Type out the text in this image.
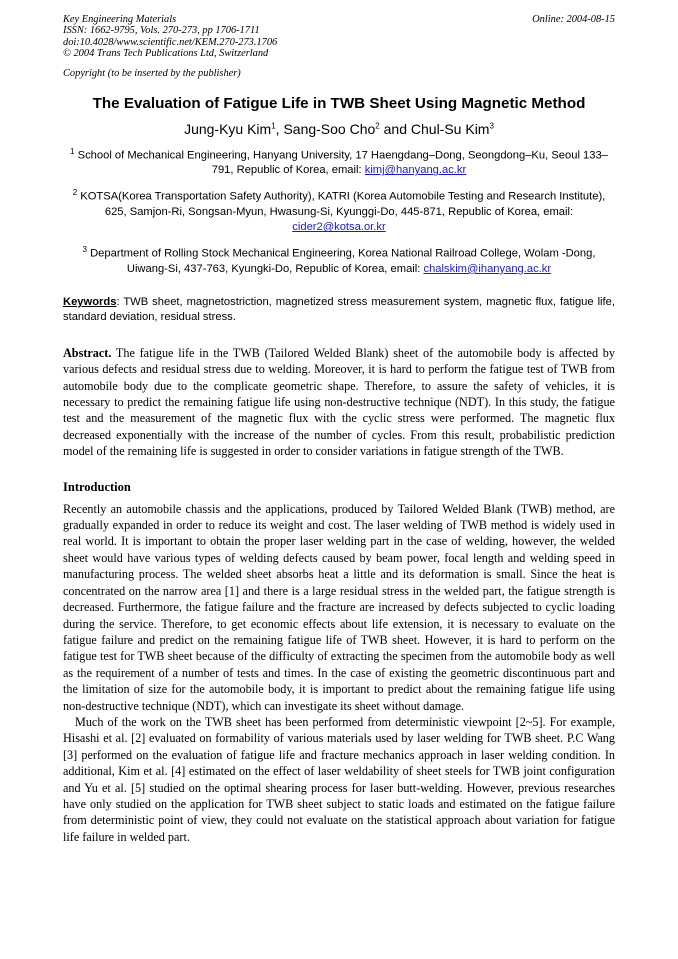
Key Engineering Materials	Online: 2004-08-15
ISSN: 1662-9795, Vols. 270-273, pp 1706-1711
doi:10.4028/www.scientific.net/KEM.270-273.1706
© 2004 Trans Tech Publications Ltd, Switzerland
Copyright (to be inserted by the publisher)
The Evaluation of Fatigue Life in TWB Sheet Using Magnetic Method
Jung-Kyu Kim$^1$, Sang-Soo Cho$^2$ and Chul-Su Kim$^3$
$^1$ School of Mechanical Engineering, Hanyang University, 17 Haengdang–Dong, Seongdong–Ku, Seoul 133–791, Republic of Korea, email: kimj@hanyang.ac.kr
$^2$ KOTSA(Korea Transportation Safety Authority), KATRI (Korea Automobile Testing and Research Institute), 625, Samjon-Ri, Songsan-Myun, Hwasung-Si, Kyunggi-Do, 445-871, Republic of Korea, email: cider2@kotsa.or.kr
$^3$ Department of Rolling Stock Mechanical Engineering, Korea National Railroad College, Wolam -Dong, Uiwang-Si, 437-763, Kyungki-Do, Republic of Korea, email: chalskim@ihanyang.ac.kr
Keywords: TWB sheet, magnetostriction, magnetized stress measurement system, magnetic flux, fatigue life, standard deviation, residual stress.
Abstract. The fatigue life in the TWB (Tailored Welded Blank) sheet of the automobile body is affected by various defects and residual stress due to welding. Moreover, it is hard to perform the fatigue test of TWB from automobile body due to the complicate geometric shape. Therefore, to assure the safety of vehicles, it is necessary to predict the remaining fatigue life using non-destructive technique (NDT). In this study, the fatigue test and the measurement of the magnetic flux with the cyclic stress were performed. The magnetic flux decreased exponentially with the increase of the number of cycles. From this result, probabilistic prediction model of the remaining life is suggested in order to consider variations in fatigue strength of the TWB.
Introduction
Recently an automobile chassis and the applications, produced by Tailored Welded Blank (TWB) method, are gradually expanded in order to reduce its weight and cost. The laser welding of TWB method is widely used in real world. It is important to obtain the proper laser welding part in the case of welding, however, the welded sheet would have various types of welding defects caused by beam power, focal length and welding speed in manufacturing process. The welded sheet absorbs heat a little and its deformation is small. Since the heat is concentrated on the narrow area [1] and there is a large residual stress in the welded part, the fatigue strength is decreased. Furthermore, the fatigue failure and the fracture are increased by defects subjected to cyclic loading during the service. Therefore, to get economic effects about life extension, it is necessary to evaluate on the fatigue failure and predict on the remaining fatigue life of TWB sheet. However, it is hard to perform on the fatigue test for TWB sheet because of the difficulty of extracting the specimen from the automobile body as well as the requirement of a number of tests and times. In the case of existing the geometric discontinuous part and the limitation of size for the automobile body, it is important to predict about the remaining fatigue life using non-destructive technique (NDT), which can investigate its sheet without damage.
Much of the work on the TWB sheet has been performed from deterministic viewpoint [2~5]. For example, Hisashi et al. [2] evaluated on formability of various materials used by laser welding for TWB sheet. P.C Wang [3] performed on the evaluation of fatigue life and fracture mechanics approach in laser welding condition. In additional, Kim et al. [4] estimated on the effect of laser weldability of sheet steels for TWB joint configuration and Yu et al. [5] studied on the optimal shearing process for laser butt-welding. However, previous researches have only studied on the application for TWB sheet subject to static loads and estimated on the fatigue failure from deterministic point of view, they could not evaluate on the statistical approach about variation for fatigue life failure in welded part.
